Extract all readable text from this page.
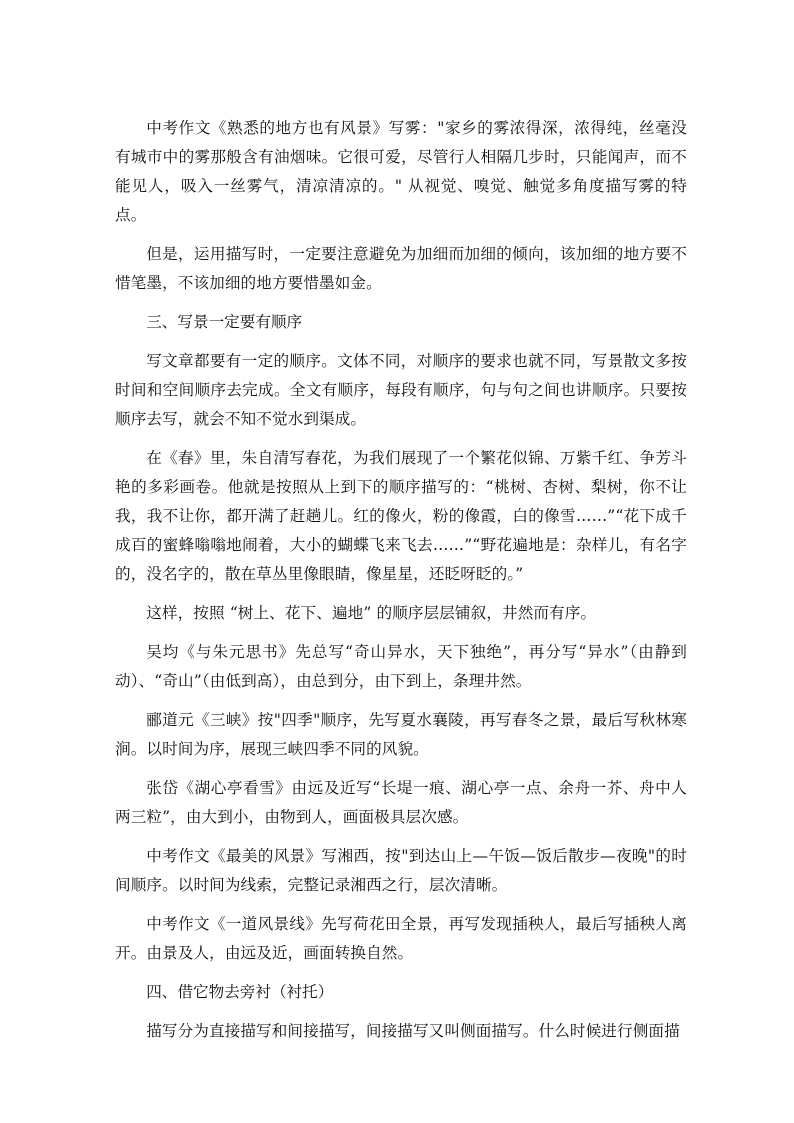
中考作文《熟悉的地方也有风景》写雾："家乡的雾浓得深，浓得纯，丝毫没有城市中的雾那般含有油烟味。它很可爱，尽管行人相隔几步时，只能闻声，而不能见人，吸入一丝雾气，清凉清凉的。" 从视觉、嗅觉、触觉多角度描写雾的特点。

但是，运用描写时，一定要注意避免为加细而加细的倾向，该加细的地方要不惜笔墨，不该加细的地方要惜墨如金。

三、写景一定要有顺序

写文章都要有一定的顺序。文体不同，对顺序的要求也就不同，写景散文多按时间和空间顺序去完成。全文有顺序，每段有顺序，句与句之间也讲顺序。只要按顺序去写，就会不知不觉水到渠成。

在《春》里，朱自清写春花，为我们展现了一个繁花似锦、万紫千红、争芳斗艳的多彩画卷。他就是按照从上到下的顺序描写的：“桃树、杏树、梨树，你不让我，我不让你，都开满了赶趟儿。红的像火，粉的像霞，白的像雪……”“花下成千成百的蜜蜂嗡嗡地闹着，大小的蝴蝶飞来飞去……”“野花遍地是：杂样儿，有名字的，没名字的，散在草丛里像眼睛，像星星，还眨呀眨的。”

这样，按照 “树上、花下、遍地” 的顺序层层铺叙，井然而有序。

吴均《与朱元思书》先总写“奇山异水，天下独绝”，再分写“异水”（由静到动）、“奇山”（由低到高），由总到分，由下到上，条理井然。

郦道元《三峡》按"四季"顺序，先写夏水襄陵，再写春冬之景，最后写秋林寒涧。以时间为序，展现三峡四季不同的风貌。

张岱《湖心亭看雪》由远及近写“长堤一痕、湖心亭一点、余舟一芥、舟中人两三粒”，由大到小，由物到人，画面极具层次感。

中考作文《最美的风景》写湘西，按"到达山上—午饭—饭后散步—夜晚"的时间顺序。以时间为线索，完整记录湘西之行，层次清晰。

中考作文《一道风景线》先写荷花田全景，再写发现插秧人，最后写插秧人离开。由景及人，由远及近，画面转换自然。

四、借它物去旁衬（衬托）

描写分为直接描写和间接描写，间接描写又叫侧面描写。什么时候进行侧面描
